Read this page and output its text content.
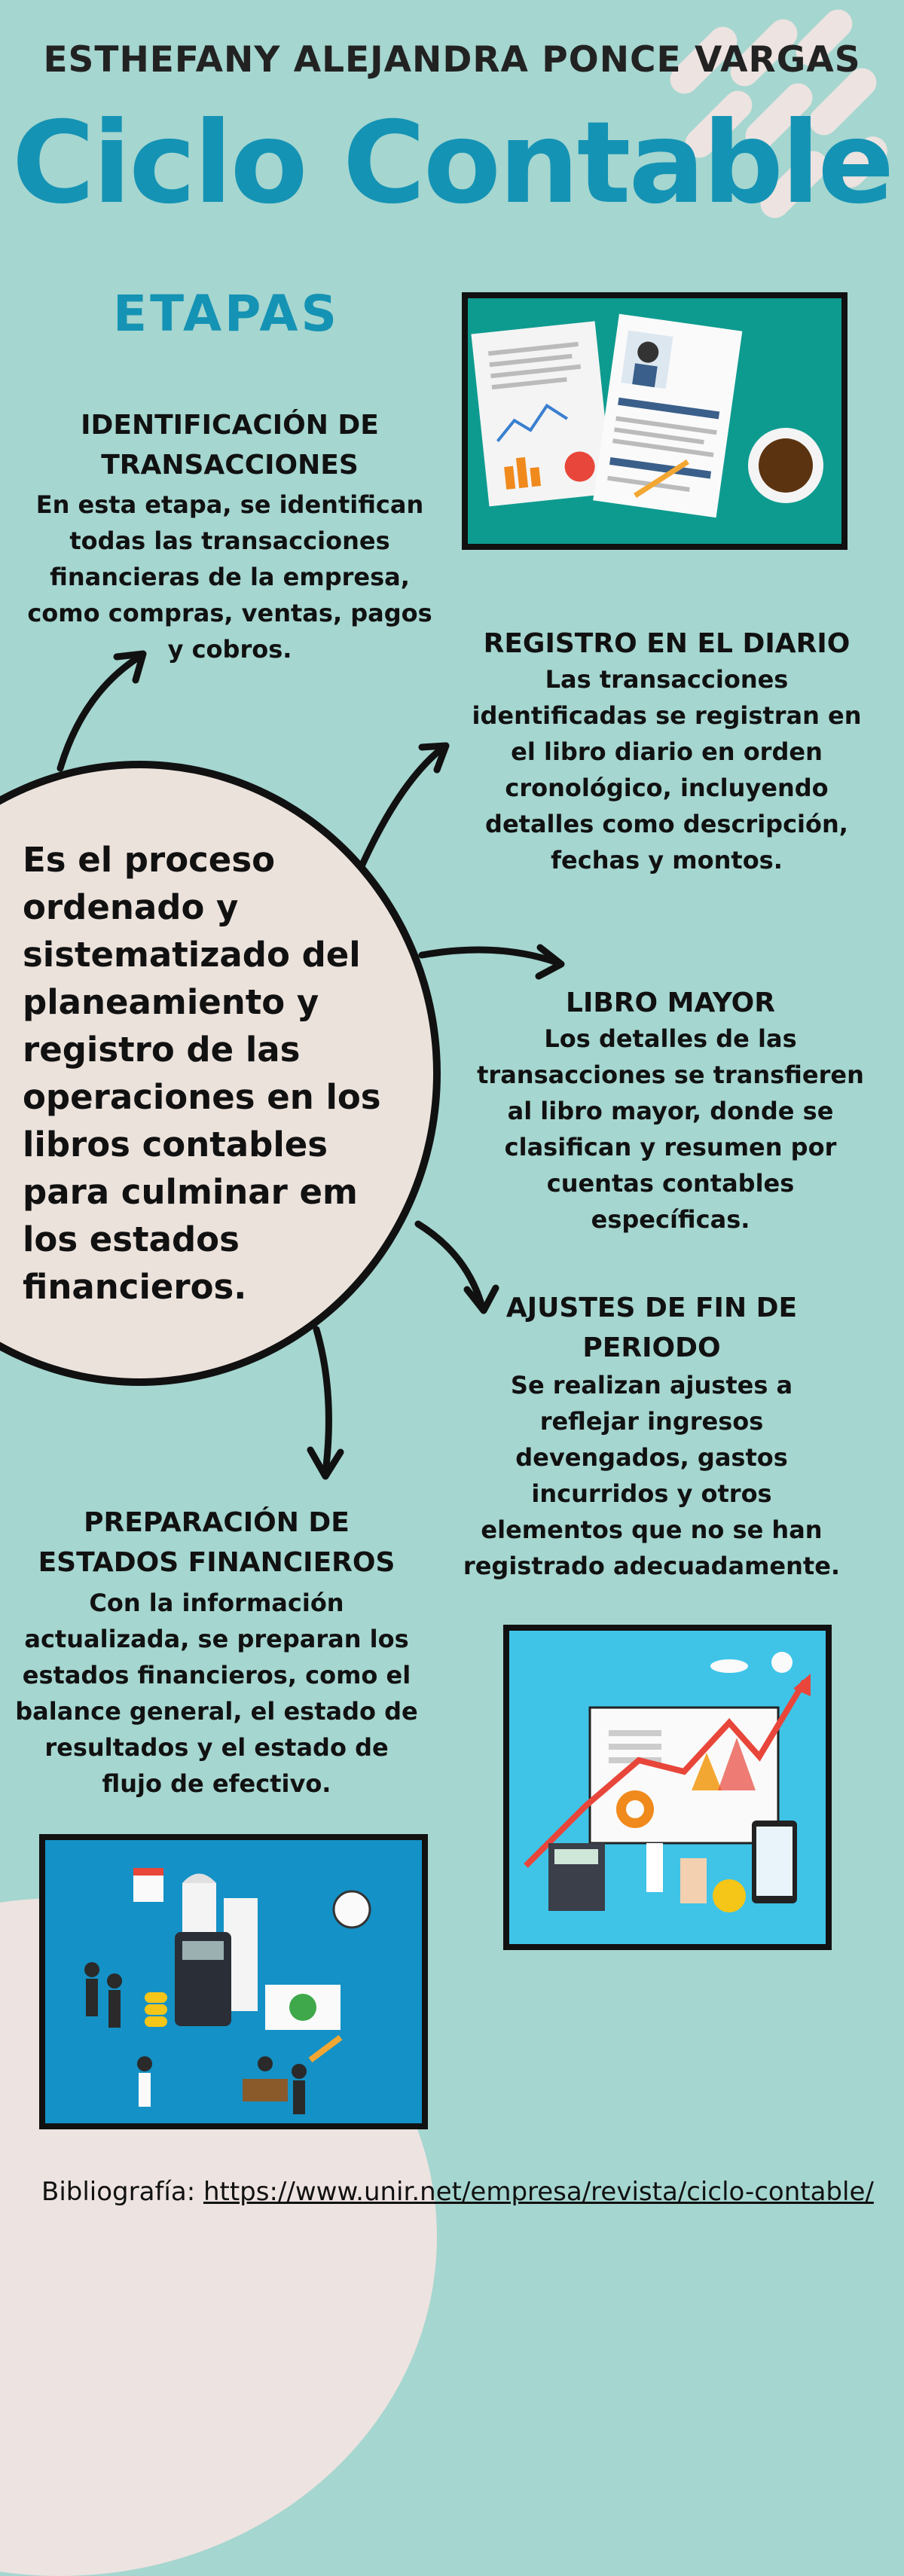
ESTHEFANY ALEJANDRA PONCE VARGAS
Ciclo Contable
ETAPAS
IDENTIFICACIÓN DE TRANSACCIONES
En esta etapa, se identifican todas las transacciones financieras de la empresa, como compras, ventas, pagos y cobros.	REGISTRO EN EL DIARIO
Las transacciones identificadas se registran en el libro diario en orden cronológico, incluyendo detalles como descripción, fechas y montos.
Es el proceso ordenado y sistematizado del planeamiento y registro de las operaciones en los libros contables para culminar em los estados financieros.
LIBRO MAYOR
Los detalles de las transacciones se transfieren al libro mayor, donde se clasifican y resumen por cuentas contables específicas.
AJUSTES DE FIN DE PERIODO
Se realizan ajustes a reflejar ingresos devengados, gastos incurridos y otros elementos que no se han registrado adecuadamente.
PREPARACIÓN DE ESTADOS FINANCIEROS
Con la información actualizada, se preparan los estados financieros, como el balance general, el estado de resultados y el estado de flujo de efectivo.
Bibliografía: https://www.unir.net/empresa/revista/ciclo-contable/
